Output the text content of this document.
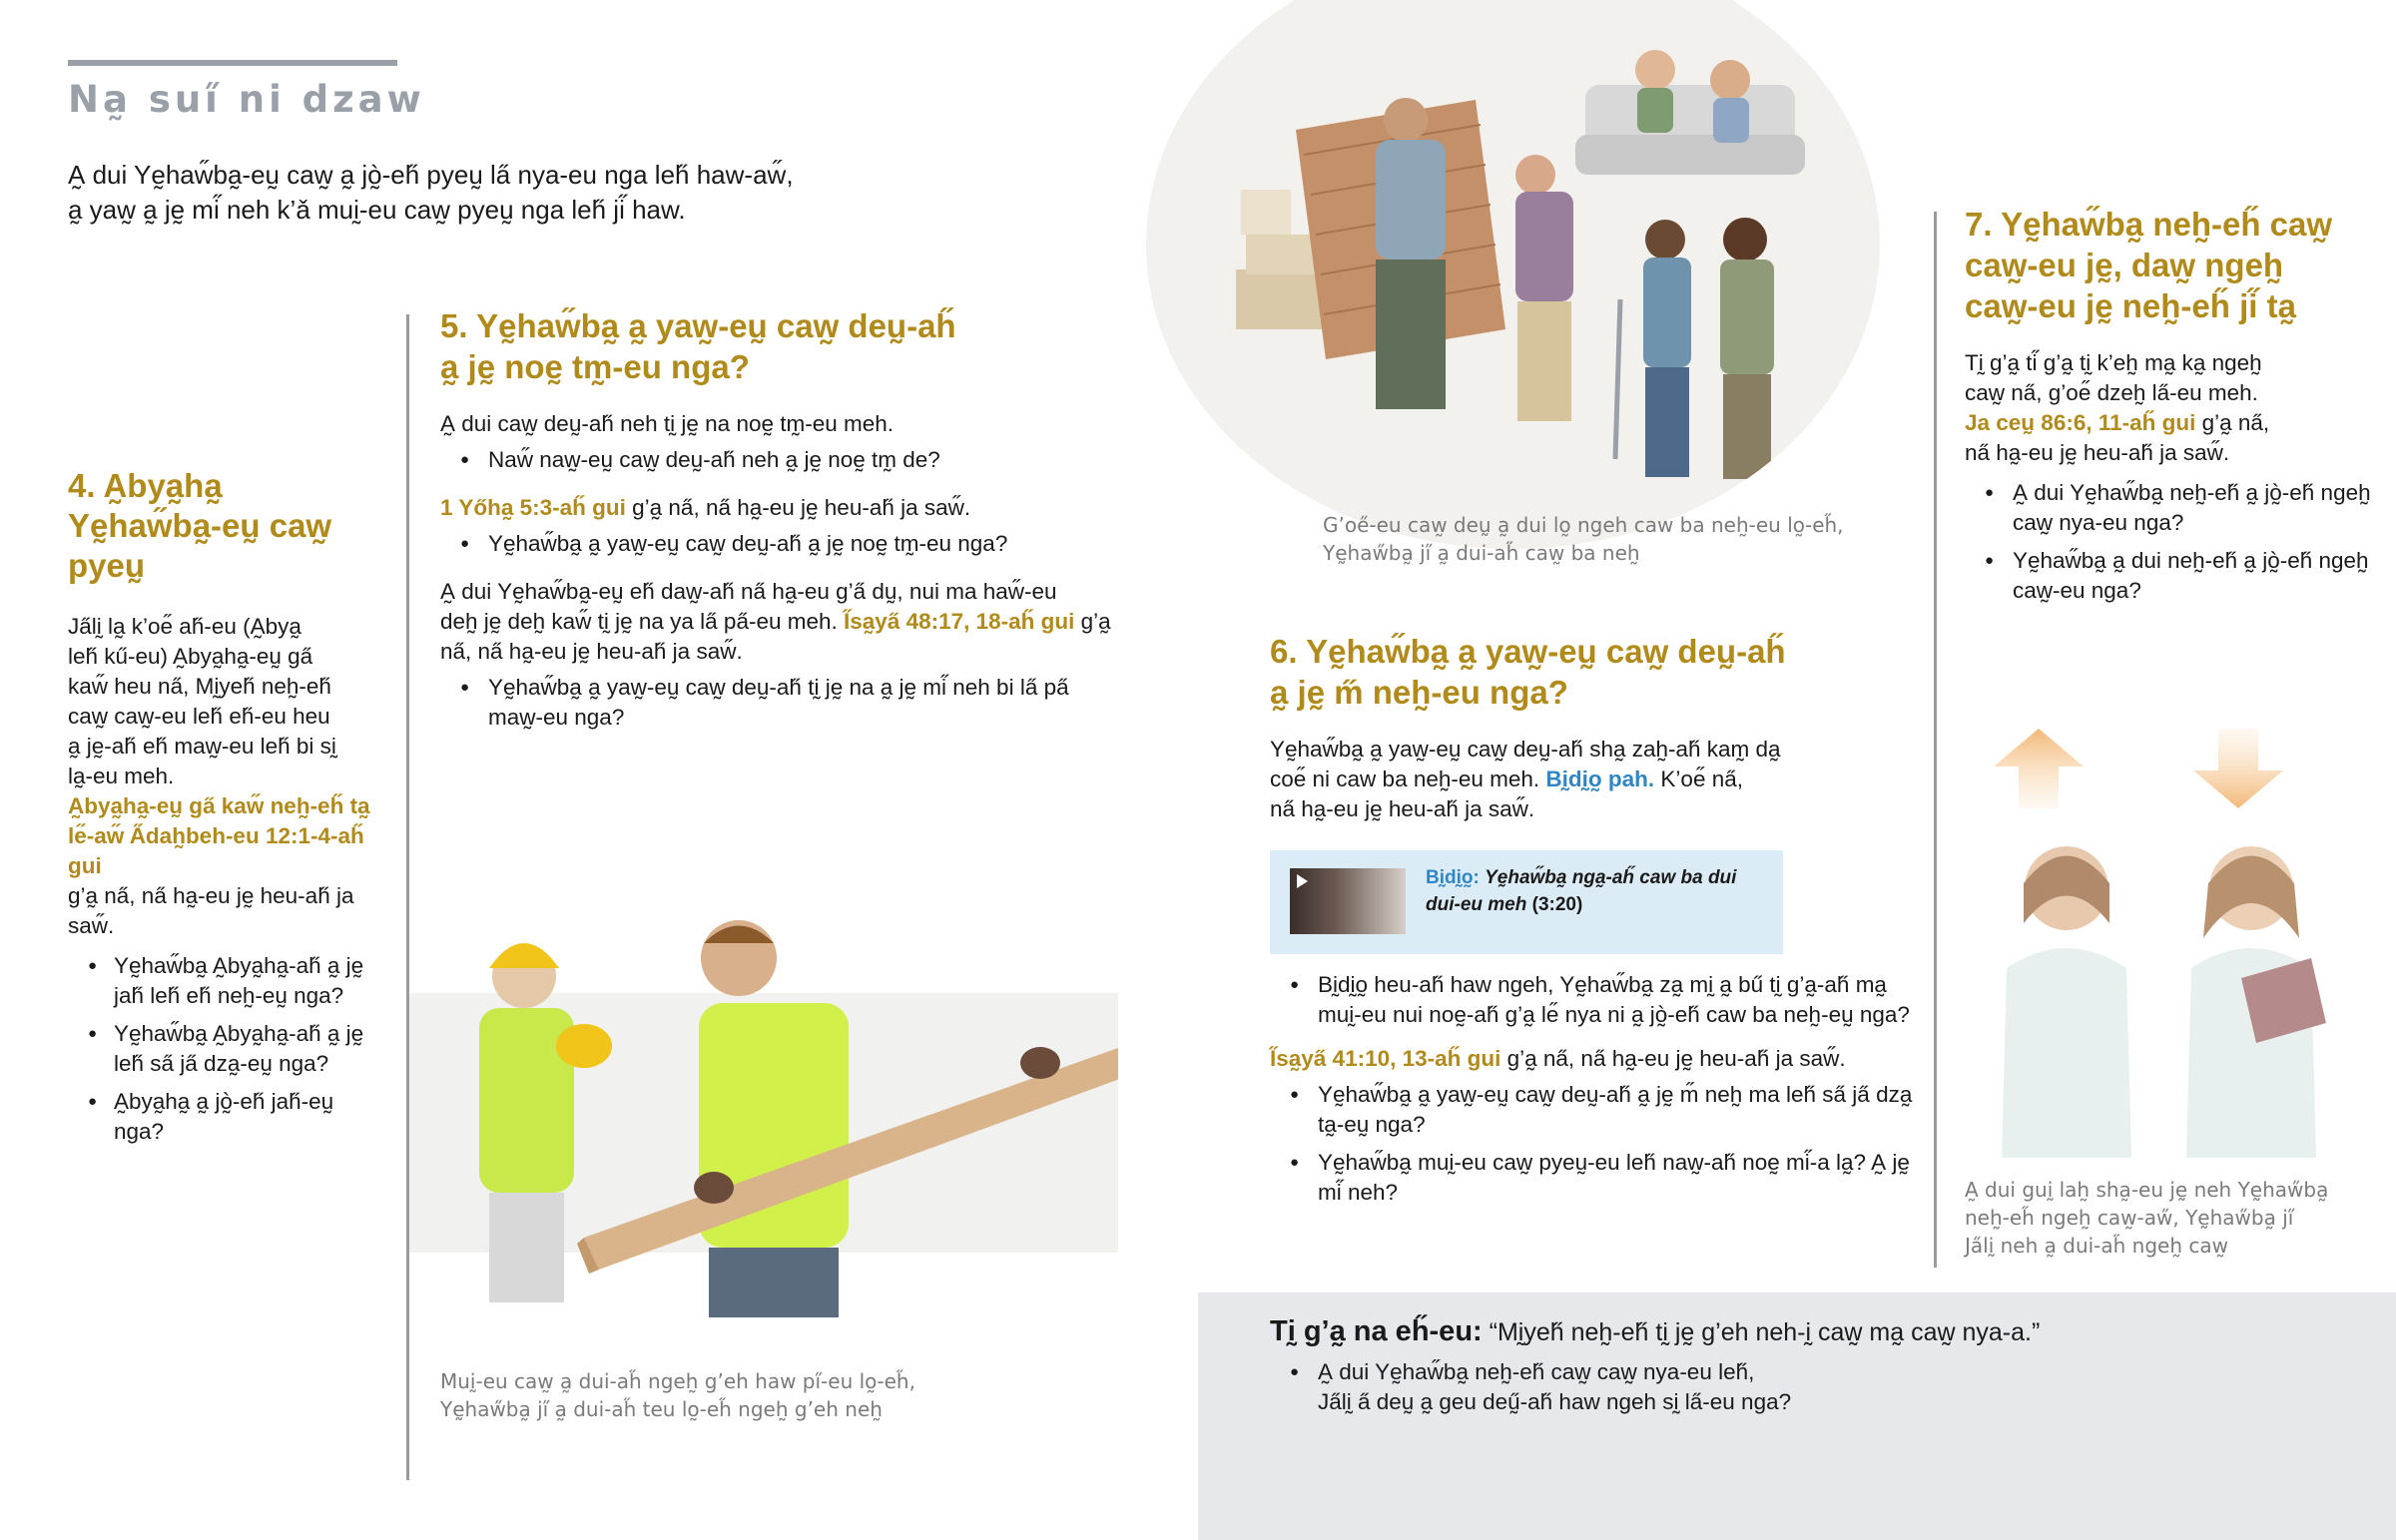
Na̰ sui̋ ni dzaw

A̰ dui Yḛhaw̋ba̰-eṵ caw̰ a̰ jò̰-eh̋ pyeṵ la̋ nya-eu nga leh̋ haw-aw̋,

a̰ yaw̰ a̰ jḛ mi̋ neh k’ǎ muḭ-eu caw̰ pyeṵ nga leh̋ ji̋ haw.

4. A̰bya̰ha̰ Yḛhaw̋ba̰-eṵ caw̰ pyeṵ

Ja̋lḭ la̰ k’oe̋ ah̋-eu (A̰bya̰

leh̋ kű-eu) A̰bya̰ha̰-eṵ ga̋

kaw̋ heu na̋, Mḭyeh̋ neh̰-eh̋

caw̰ caw̰-eu leh̋ eh̋-eu heu

a̰ jḛ-ah̋ eh̋ maw̰-eu leh̋ bi sḭ

la̰-eu meh.

A̰bya̰ha̰-eṵ ga̋ kaw̋ neh̰-eh̋ ta̰ le̋-aw̋ A̋dah̰beh-eu 12:1-4-ah̋ gui

g’a̰ na̋, na̋ ha̰-eu jḛ heu-ah̋ ja saw̋.

● Yḛhaw̋ba̰ A̰bya̰ha̰-ah̋ a̰ jḛ jah̋ leh̋ eh̋ neh̰-eṵ nga?
● Yḛhaw̋ba̰ A̰bya̰ha̰-ah̋ a̰ jḛ leh̋ sa̋ ja̋ dza̰-eṵ nga?
● A̰bya̰ha̰ a̰ jò̰-eh̋ jah̋-eṵ nga?
5. Yḛhaw̋ba̰ a̰ yaw̰-eṵ caw̰ deṵ-ah̋
a̰ jḛ noḛ tm̰-eu nga?

A̰ dui caw̰ deṵ-ah̋ neh tḭ jḛ na noḛ tm̰-eu meh.

● Naw̋ naw̰-eṵ caw̰ deṵ-ah̋ neh a̰ jḛ noḛ tm̰ de?

1 Yőha̰ 5:3-ah̋ gui g’a̰ na̋, na̋ ha̰-eu jḛ heu-ah̋ ja saw̋.

● Yḛhaw̋ba̰ a̰ yaw̰-eṵ caw̰ deṵ-ah̋ a̰ jḛ noḛ tm̰-eu nga?

A̰ dui Yḛhaw̋ba̰-eṵ eh̋ daw̰-ah̋ na̋ ha̰-eu g’a̋ dṵ, nui ma haw̋-eu
deh̰ jḛ deh̰ kaw̋ tḭ jḛ na ya la̋ pa̋-eu meh. I̋sa̰ya̋ 48:17, 18-ah̋ gui g’a̰ na̋, na̋ ha̰-eu jḛ heu-ah̋ ja saw̋.

● Yḛhaw̋ba̰ a̰ yaw̰-eṵ caw̰ deṵ-ah̋ tḭ jḛ na a̰ jḛ mi̋ neh bi la̋ pa̋ maw̰-eu nga?

Muḭ-eu caw̰ a̰ dui-ah̋ ngeh̰ g’eh haw pi̋-eu lo̰-eh̋,

Yḛhaw̋ba̰ ji̋ a̰ dui-ah̋ teu lo̰-eh̋ ngeh̰ g’eh neh̰

G’oe̋-eu caw̰ deṵ a̰ dui lo̰ ngeh caw ba neh̰-eu lo̰-eh̋,

Yḛhaw̋ba̰ ji̋ a̰ dui-ah̋ caw̰ ba neh̰

6. Yḛhaw̋ba̰ a̰ yaw̰-eṵ caw̰ deṵ-ah̋
a̰ jḛ m̋ neh̰-eu nga?

Yḛhaw̋ba̰ a̰ yaw̰-eṵ caw̰ deṵ-ah̋ sha̰ zah̰-ah̋ kam̰ da̰
coe̋ ni caw ba neh̰-eu meh. Bḭdḭo̰ pah. K’oe̋ na̋,
na̋ ha̰-eu jḛ heu-ah̋ ja saw̋.

Bḭdḭo̰: Yḛhaw̋ba̰ nga̰-ah̋ caw ba dui dui-eu meh (3:20)
● Bḭdḭo̰ heu-ah̋ haw ngeh, Yḛhaw̋ba̰ za̰ mḭ a̰ bű tḭ g’a̰-ah̋ ma̰ muḭ-eu nui noḛ-ah̋ g’a̰ le̋ nya ni a̰ jò̰-eh̋ caw ba neh̰-eṵ nga?

I̋sa̰ya̋ 41:10, 13-ah̋ gui g’a̰ na̋, na̋ ha̰-eu jḛ heu-ah̋ ja saw̋.

● Yḛhaw̋ba̰ a̰ yaw̰-eṵ caw̰ deṵ-ah̋ a̰ jḛ m̋ neh̰ ma leh̋ sa̋ ja̋ dza̰ ta̰-eṵ nga?
● Yḛhaw̋ba̰ muḭ-eu caw̰ pyeṵ-eu leh̋ naw̰-ah̋ noḛ mi̋-a la̰? A̰ jḛ mi̋ neh?
7. Yḛhaw̋ba̰ neh̰-eh̋ caw̰ caw̰-eu jḛ, daw̰ ngeh̰ caw̰-eu jḛ neh̰-eh̋ ji̋ ta̰

Tḭ g’a̰ ti̋ g’a̰ tḭ k’eh̰ ma̰ ka̰ ngeh̰

caw̰ na̋, g’oe̋ dzeh̰ la̋-eu meh.

Ja ceṵ 86:6, 11-ah̋ gui g’a̰ na̋,

na̋ ha̰-eu jḛ heu-ah̋ ja saw̋.

● A̰ dui Yḛhaw̋ba̰ neh̰-eh̋ a̰ jò̰-eh̋ ngeh̰ caw̰ nya-eu nga?
● Yḛhaw̋ba̰ a̰ dui neh̰-eh̋ a̰ jò̰-eh̋ ngeh̰ caw̰-eu nga?

A̰ dui guḭ lah̰ sha̰-eu jḛ neh Yḛhaw̋ba̰

neh̰-eh̋ ngeh̰ caw̰-aw̋, Yḛhaw̋ba̰ ji̋

Ja̋lḭ neh a̰ dui-ah̋ ngeh̰ caw̰

Tḭ g’a̰ na eh̋-eu: “Mḭyeh̋ neh̰-eh̋ tḭ jḛ g’eh neh-ḭ caw̰ ma̰ caw̰ nya-a.”

● A̰ dui Yḛhaw̋ba̰ neh̰-eh̋ caw̰ caw̰ nya-eu leh̋,
Ja̋lḭ a̋ deṵ a̰ geu deṵ̋-ah̋ haw ngeh sḭ la̋-eu nga?
